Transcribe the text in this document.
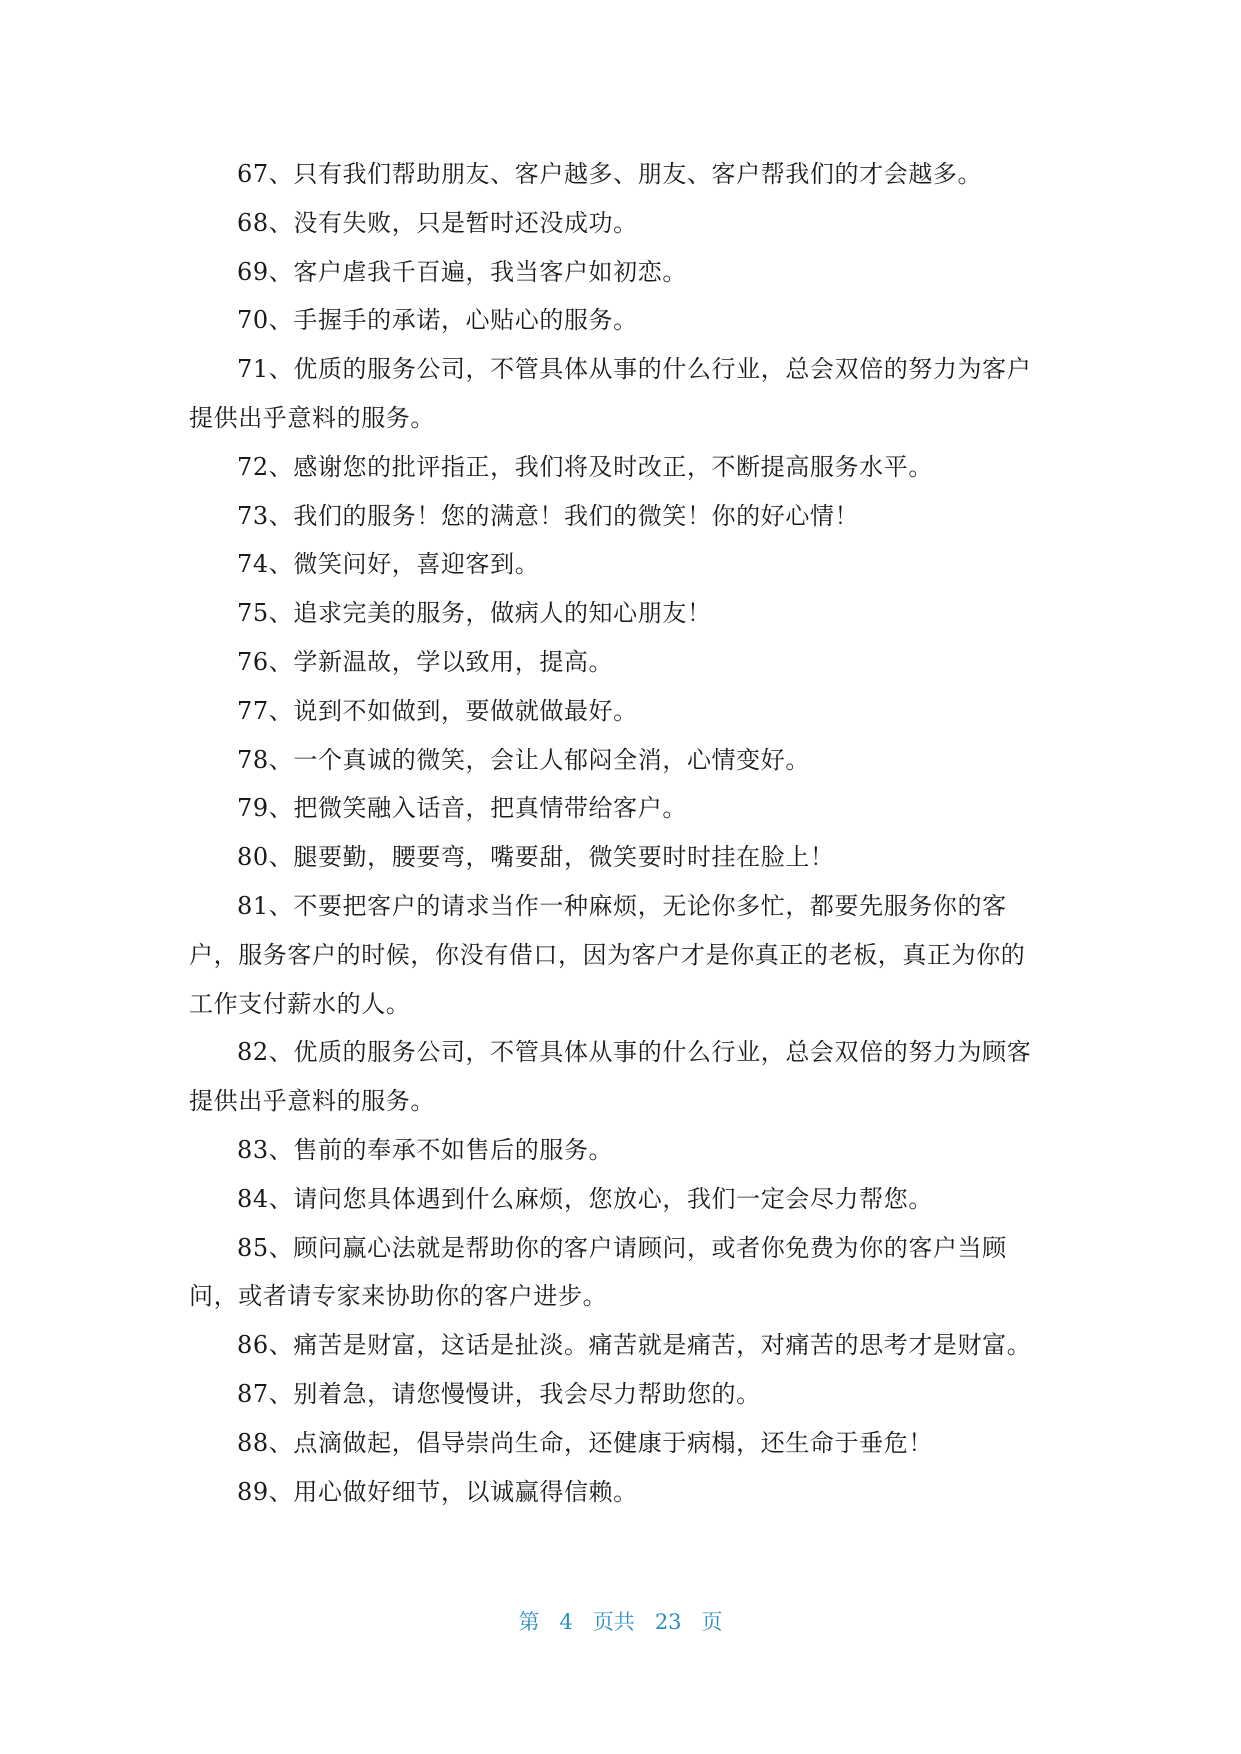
67、只有我们帮助朋友、客户越多、朋友、客户帮我们的才会越多。

68、没有失败，只是暂时还没成功。

69、客户虐我千百遍，我当客户如初恋。

70、手握手的承诺，心贴心的服务。

71、优质的服务公司，不管具体从事的什么行业，总会双倍的努力为客户提供出乎意料的服务。

72、感谢您的批评指正，我们将及时改正，不断提高服务水平。

73、我们的服务！您的满意！我们的微笑！你的好心情！

74、微笑问好，喜迎客到。

75、追求完美的服务，做病人的知心朋友！

76、学新温故，学以致用，提高。

77、说到不如做到，要做就做最好。

78、一个真诚的微笑，会让人郁闷全消，心情变好。

79、把微笑融入话音，把真情带给客户。

80、腿要勤，腰要弯，嘴要甜，微笑要时时挂在脸上！

81、不要把客户的请求当作一种麻烦，无论你多忙，都要先服务你的客户，服务客户的时候，你没有借口，因为客户才是你真正的老板，真正为你的工作支付薪水的人。

82、优质的服务公司，不管具体从事的什么行业，总会双倍的努力为顾客提供出乎意料的服务。

83、售前的奉承不如售后的服务。

84、请问您具体遇到什么麻烦，您放心，我们一定会尽力帮您。

85、顾问赢心法就是帮助你的客户请顾问，或者你免费为你的客户当顾问，或者请专家来协助你的客户进步。

86、痛苦是财富，这话是扯淡。痛苦就是痛苦，对痛苦的思考才是财富。

87、别着急，请您慢慢讲，我会尽力帮助您的。

88、点滴做起，倡导崇尚生命，还健康于病榻，还生命于垂危！

89、用心做好细节，以诚赢得信赖。

第 4 页共 23 页
